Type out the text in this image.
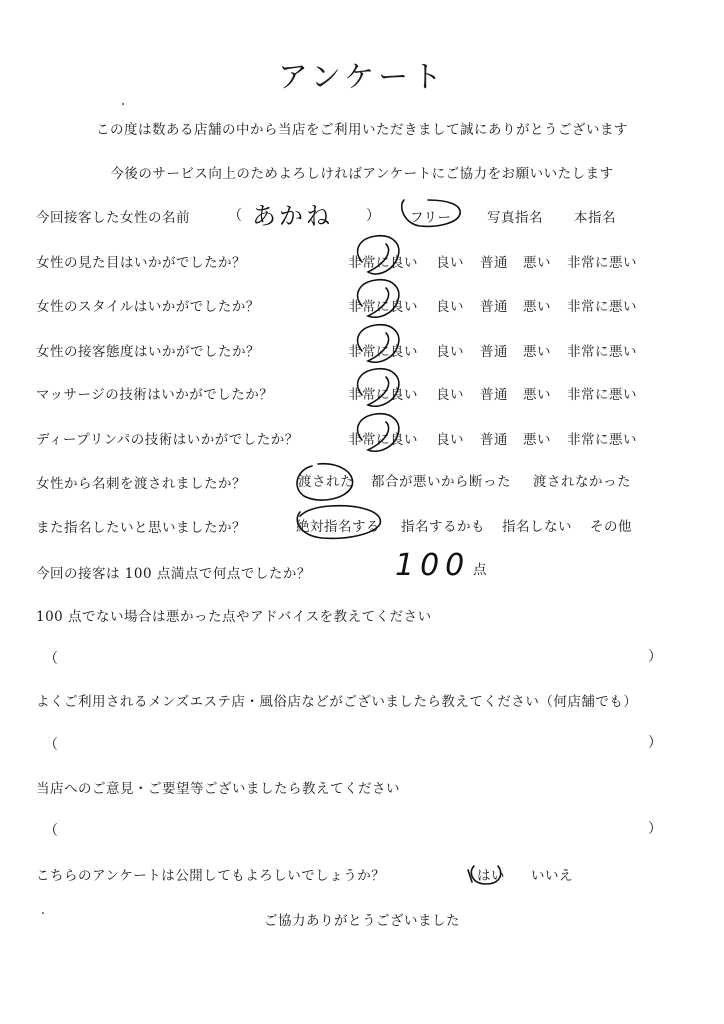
アンケート
この度は数ある店舗の中から当店をご利用いただきまして誠にありがとうございます
今後のサービス向上のためよろしければアンケートにご協力をお願いいたします
今回接客した女性の名前	（ あかね ） フリー	写真指名 本指名
女性の見た目はいかがでしたか？	非常に良い 良い 普通 悪い 非常に悪い
女性のスタイルはいかがでしたか？	非常に良い 良い 普通 悪い 非常に悪い
女性の接客態度はいかがでしたか？	非常に良い 良い 普通 悪い 非常に悪い
マッサージの技術はいかがでしたか？	非常に良い 良い 普通 悪い 非常に悪い
ディープリンパの技術はいかがでしたか？	非常に良い 良い 普通 悪い 非常に悪い
女性から名刺を渡されましたか？	渡された 都合が悪いから断った 渡されなかった
また指名したいと思いましたか？	絶対指名する 指名するかも 指名しない その他
今回の接客は 100 点満点で何点でしたか？	100 点
100 点でない場合は悪かった点やアドバイスを教えてください
（	）
よくご利用されるメンズエステ店・風俗店などがございましたら教えてください（何店舗でも）
（	）
当店へのご意見・ご要望等ございましたら教えてください
（	）
こちらのアンケートは公開してもよろしいでしょうか？	はい いいえ
ご協力ありがとうございました
